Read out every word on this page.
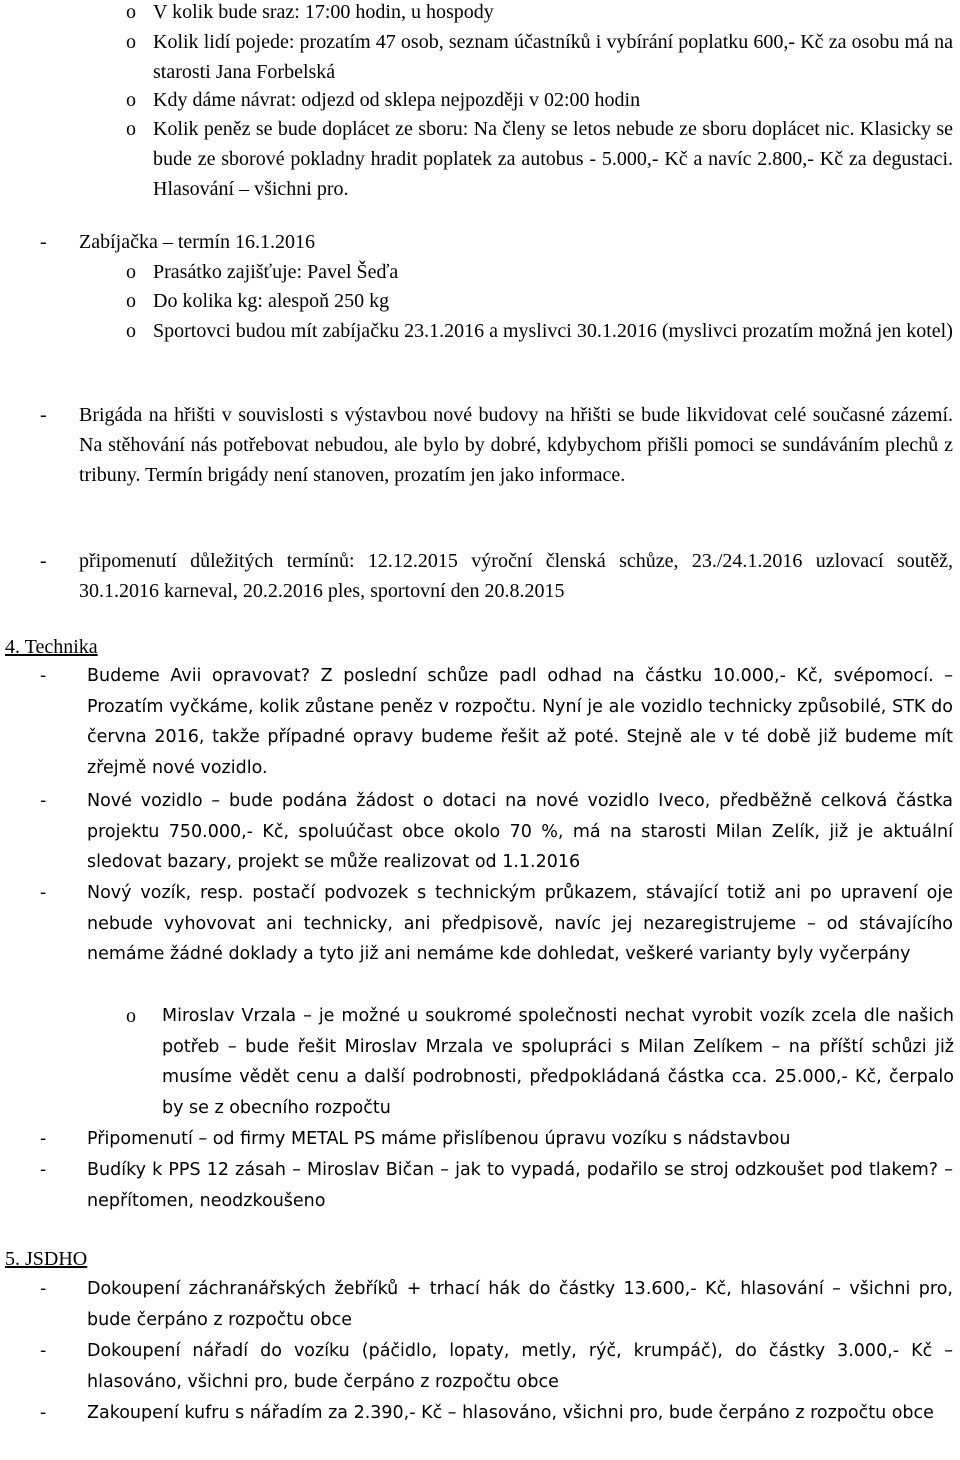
o V kolik bude sraz: 17:00 hodin, u hospody
o Kolik lidí pojede: prozatím 47 osob, seznam účastníků i vybírání poplatku 600,- Kč za osobu má na starosti Jana Forbelská
o Kdy dáme návrat: odjezd od sklepa nejpozději v 02:00 hodin
o Kolik peněz se bude doplácet ze sboru: Na členy se letos nebude ze sboru doplácet nic. Klasicky se bude ze sborové pokladny hradit poplatek za autobus - 5.000,- Kč a navíc 2.800,- Kč za degustaci. Hlasování – všichni pro.
- Zabíjačka – termín 16.1.2016
o Prasátko zajišťuje: Pavel Šeďa
o Do kolika kg: alespoň 250 kg
o Sportovci budou mít zabíjačku 23.1.2016 a myslivci 30.1.2016 (myslivci prozatím možná jen kotel)
- Brigáda na hřišti v souvislosti s výstavbou nové budovy na hřišti se bude likvidovat celé současné zázemí. Na stěhování nás potřebovat nebudou, ale bylo by dobré, kdybychom přišli pomoci se sundáváním plechů z tribuny. Termín brigády není stanoven, prozatím jen jako informace.
- připomenutí důležitých termínů: 12.12.2015 výroční členská schůze, 23./24.1.2016 uzlovací soutěž, 30.1.2016 karneval, 20.2.2016 ples, sportovní den 20.8.2015
4. Technika
- Budeme Avii opravovat? Z poslední schůze padl odhad na částku 10.000,- Kč, svépomocí. – Prozatím vyčkáme, kolik zůstane peněz v rozpočtu. Nyní je ale vozidlo technicky způsobilé, STK do června 2016, takže případné opravy budeme řešit až poté. Stejně ale v té době již budeme mít zřejmě nové vozidlo.
- Nové vozidlo – bude podána žádost o dotaci na nové vozidlo Iveco, předběžně celková částka projektu 750.000,- Kč, spoluúčast obce okolo 70 %, má na starosti Milan Zelík, již je aktuální sledovat bazary, projekt se může realizovat od 1.1.2016
- Nový vozík, resp. postačí podvozek s technickým průkazem, stávající totiž ani po upravení oje nebude vyhovovat ani technicky, ani předpisově, navíc jej nezaregistrujeme – od stávajícího nemáme žádné doklady a tyto již ani nemáme kde dohledat, veškeré varianty byly vyčerpány
o Miroslav Vrzala – je možné u soukromé společnosti nechat vyrobit vozík zcela dle našich potřeb – bude řešit Miroslav Mrzala ve spolupráci s Milan Zelíkem – na příští schůzi již musíme vědět cenu a další podrobnosti, předpokládaná částka cca. 25.000,- Kč, čerpalo by se z obecního rozpočtu
- Připomenutí – od firmy METAL PS máme přislíbenou úpravu vozíku s nádstavbou
- Budíky k PPS 12 zásah – Miroslav Bičan – jak to vypadá, podařilo se stroj odzkoušet pod tlakem? – nepřítomen, neodzkoušeno
5. JSDHO
- Dokoupení záchranářských žebříků + trhací hák do částky 13.600,- Kč, hlasování – všichni pro, bude čerpáno z rozpočtu obce
- Dokoupení nářadí do vozíku (páčidlo, lopaty, metly, rýč, krumpáč), do částky 3.000,- Kč – hlasováno, všichni pro, bude čerpáno z rozpočtu obce
- Zakoupení kufru s nářadím za 2.390,- Kč – hlasováno, všichni pro, bude čerpáno z rozpočtu obce
